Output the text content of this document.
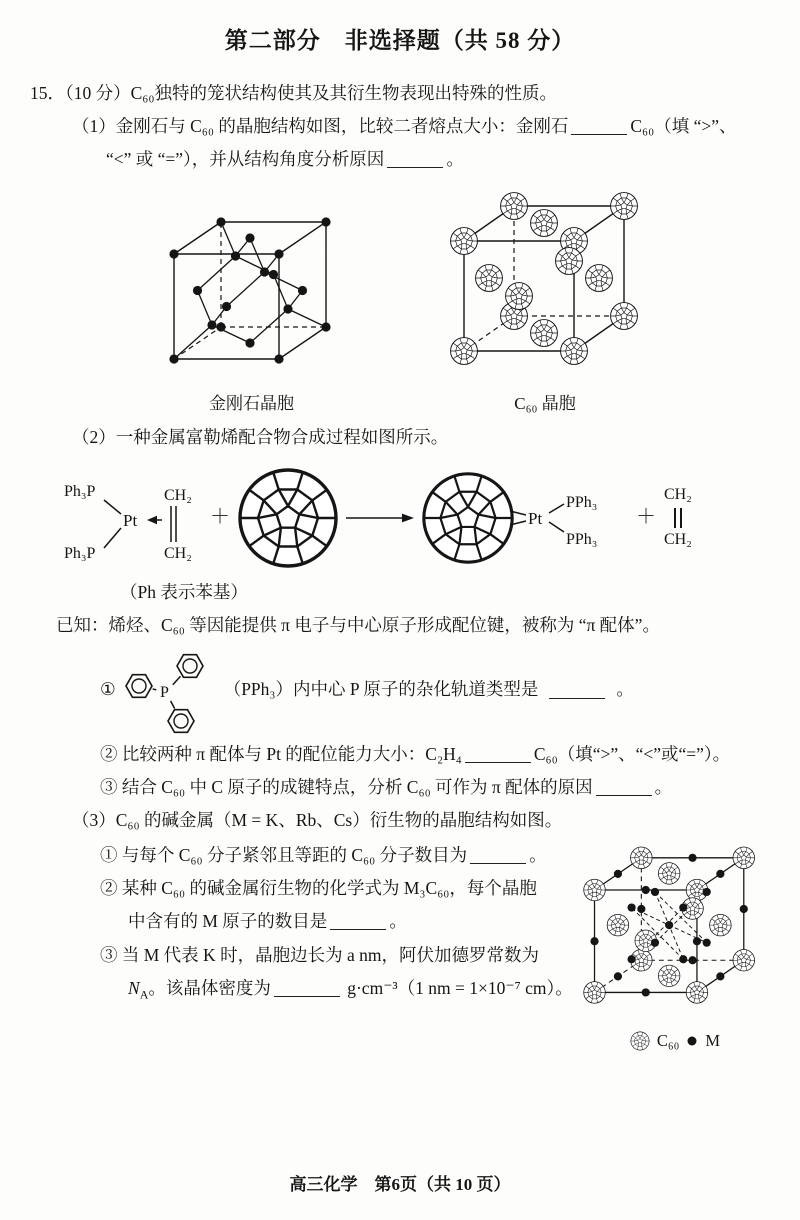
第二部分　非选择题（共 58 分）

15．（10 分）C₆₀独特的笼状结构使其及其衍生物表现出特殊的性质。

（1）金刚石与 C₆₀ 的晶胞结构如图，比较二者熔点大小：金刚石	C₆₀（填 “>”、

“<” 或 “=”），并从结构角度分析原因	。

金刚石晶胞	C₆₀ 晶胞

（2）一种金属富勒烯配合物合成过程如图所示。

Ph₃P
Ph₃P
Pt
CH₂
CH₂
＋	Pt
PPh₃
PPh₃
＋
CH₂
CH₂

（Ph 表示苯基）

已知：烯烃、C₆₀ 等因能提供 π 电子与中心原子形成配位键，被称为 “π 配体”。

①	P	（PPh₃）内中心 P 原子的杂化轨道类型是	。

② 比较两种 π 配体与 Pt 的配位能力大小：C₂H₄	C₆₀（填“>”、“<”或“=”）。

③ 结合 C₆₀ 中 C 原子的成键特点，分析 C₆₀ 可作为 π 配体的原因	。

（3）C₆₀ 的碱金属（M = K、Rb、Cs）衍生物的晶胞结构如图。

① 与每个 C₆₀ 分子紧邻且等距的 C₆₀ 分子数目为	。

② 某种 C₆₀ 的碱金属衍生物的化学式为 M₃C₆₀，每个晶胞

中含有的 M 原子的数目是	。

③ 当 M 代表 K 时，晶胞边长为 a nm，阿伏加德罗常数为

$N_A$。该晶体密度为	g·cm⁻³（1 nm = 1×10⁻⁷ cm）。

C₆₀ M
高三化学　第6页（共 10 页）
